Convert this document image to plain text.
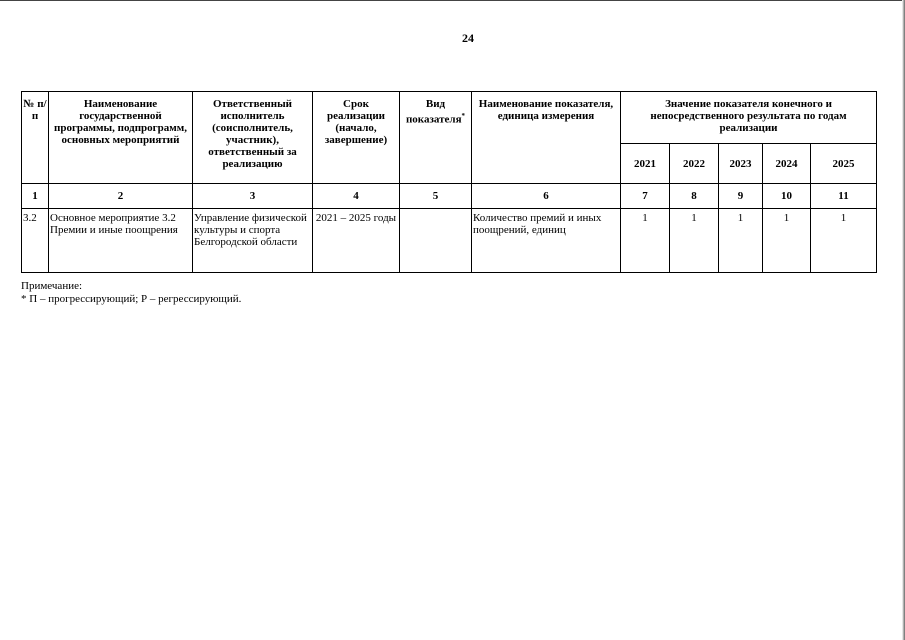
24
№ п/п	Наименование государственной программы, подпрограмм, основных мероприятий	Ответственный исполнитель (соисполнитель, участник), ответственный за реализацию	Срок реализации (начало, завершение)	Вид показателя*	Наименование показателя, единица измерения	Значение показателя конечного и непосредственного результата по годам реализации				
						2021	2022	2023	2024	2025
1	2	3	4	5	6	7	8	9	10	11
3.2	Основное мероприятие 3.2 Премии и иные поощрения	Управление физической культуры и спорта Белгородской области	2021 – 2025 годы		Количество премий и иных поощрений, единиц	1	1	1	1	1
Примечание:
* П – прогрессирующий; Р – регрессирующий.
